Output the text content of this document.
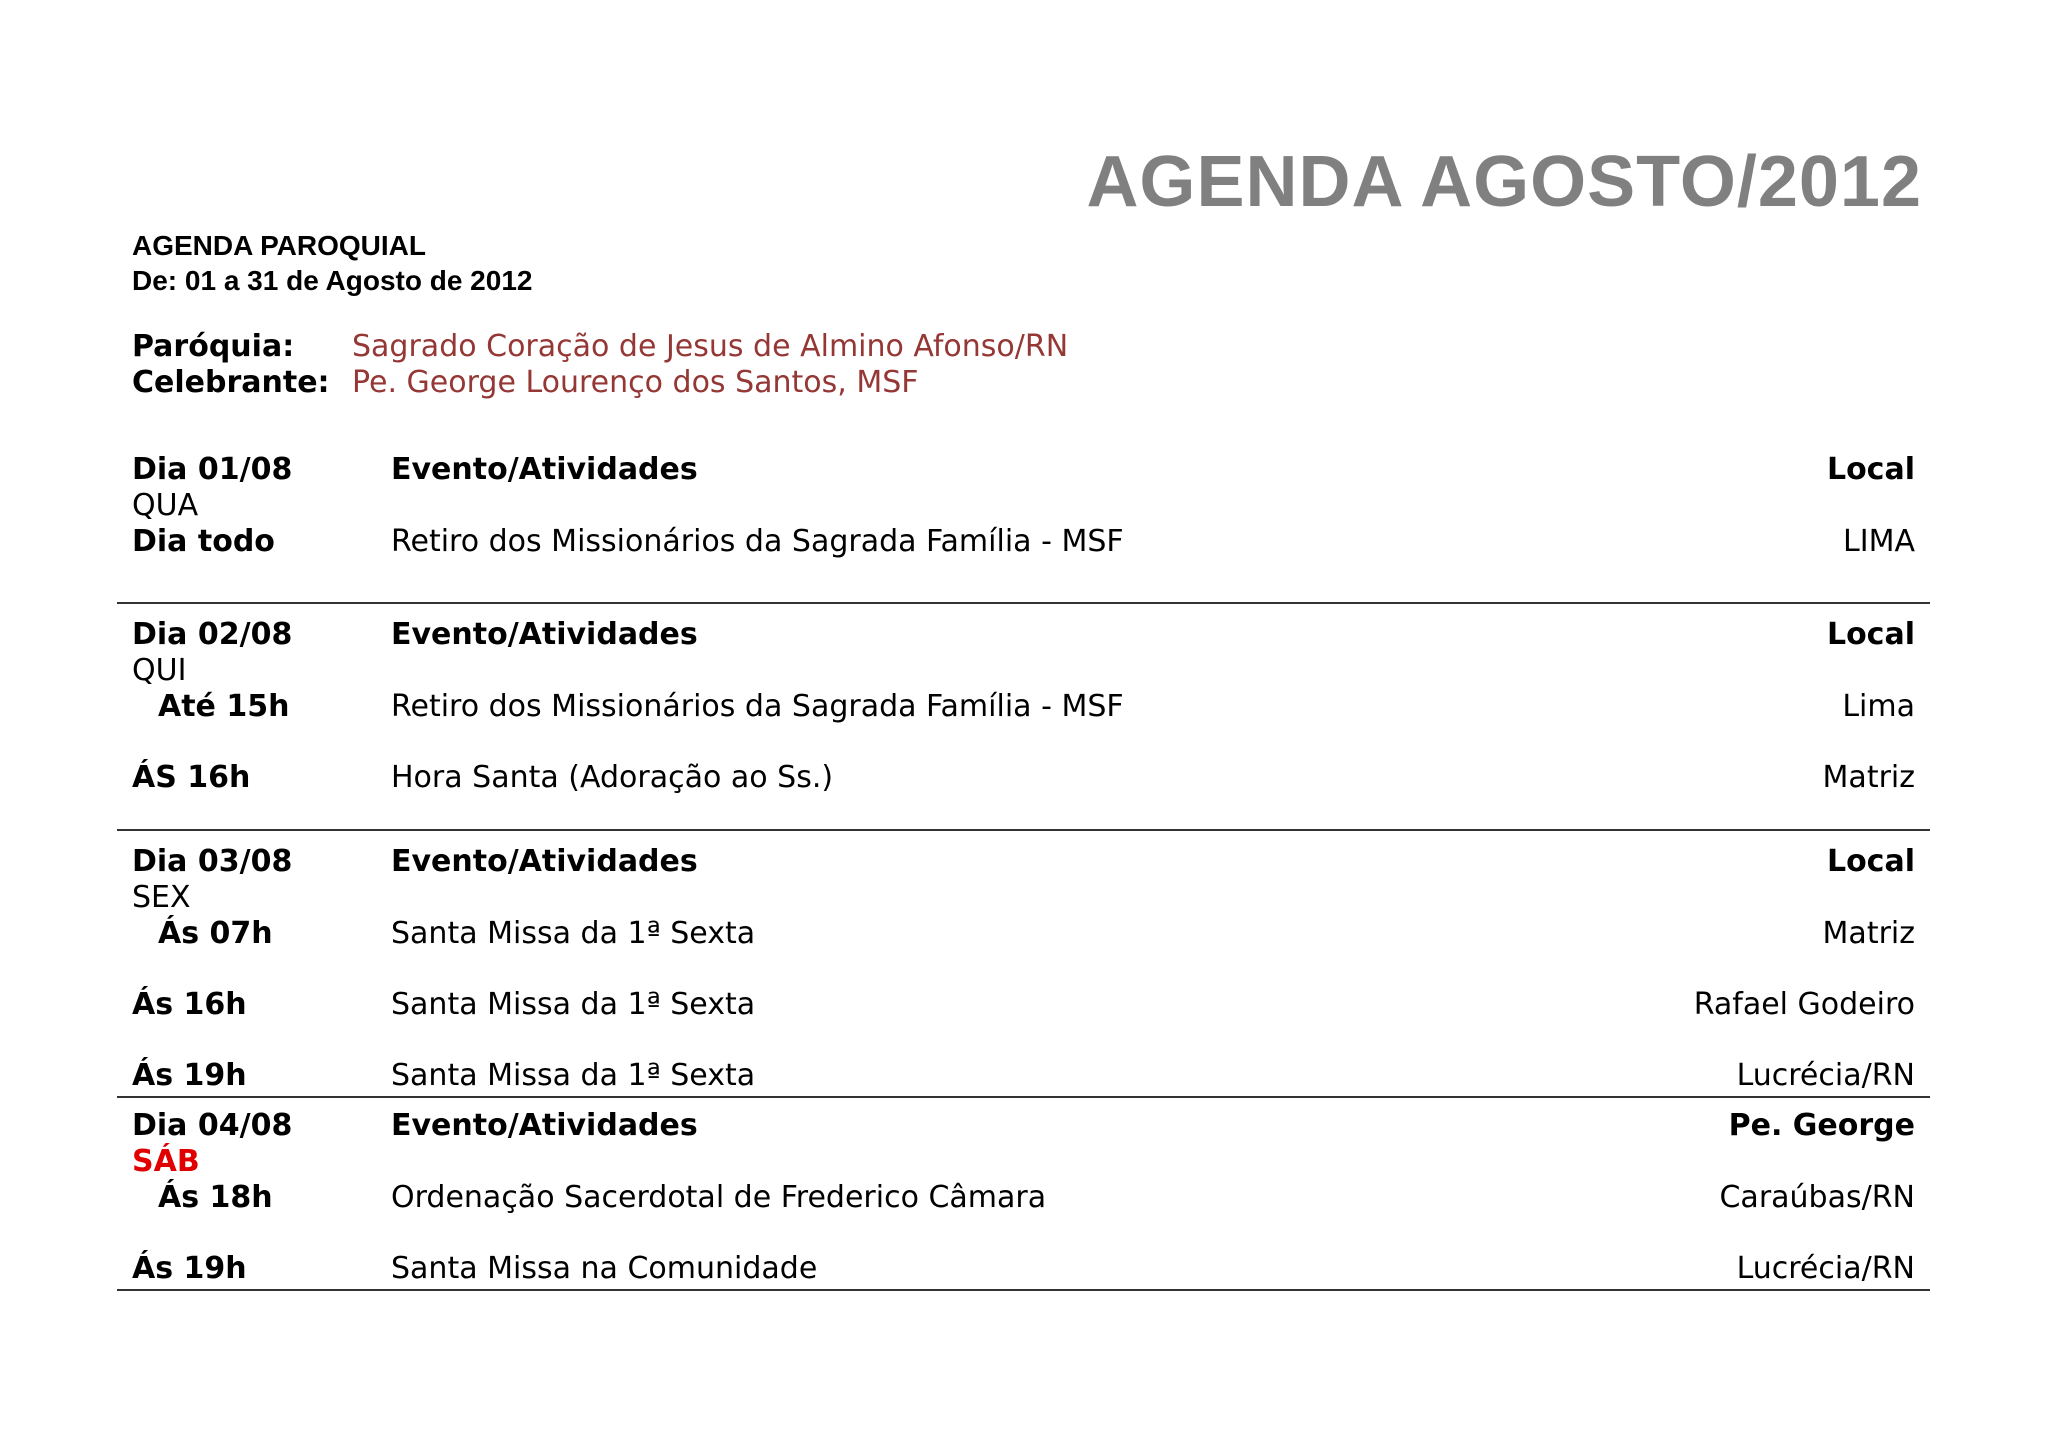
AGENDA AGOSTO/2012
AGENDA PAROQUIAL
De: 01 a 31 de Agosto de 2012
Paróquia:	Sagrado Coração de Jesus de Almino Afonso/RN
Celebrante: Pe. George Lourenço dos Santos, MSF
Dia 01/08	Evento/Atividades	Local
QUA
Dia todo	Retiro dos Missionários da Sagrada Família - MSF	LIMA
Dia 02/08	Evento/Atividades	Local
QUI
Até 15h	Retiro dos Missionários da Sagrada Família - MSF	Lima
ÁS 16h	Hora Santa (Adoração ao Ss.)	Matriz
Dia 03/08	Evento/Atividades	Local
SEX
Ás 07h	Santa Missa da 1ª Sexta	Matriz
Ás 16h	Santa Missa da 1ª Sexta	Rafael Godeiro
Ás 19h	Santa Missa da 1ª Sexta	Lucrécia/RN
Dia 04/08	Evento/Atividades	Pe. George
SÁB
Ás 18h	Ordenação Sacerdotal de Frederico Câmara	Caraúbas/RN
Ás 19h	Santa Missa na Comunidade	Lucrécia/RN
